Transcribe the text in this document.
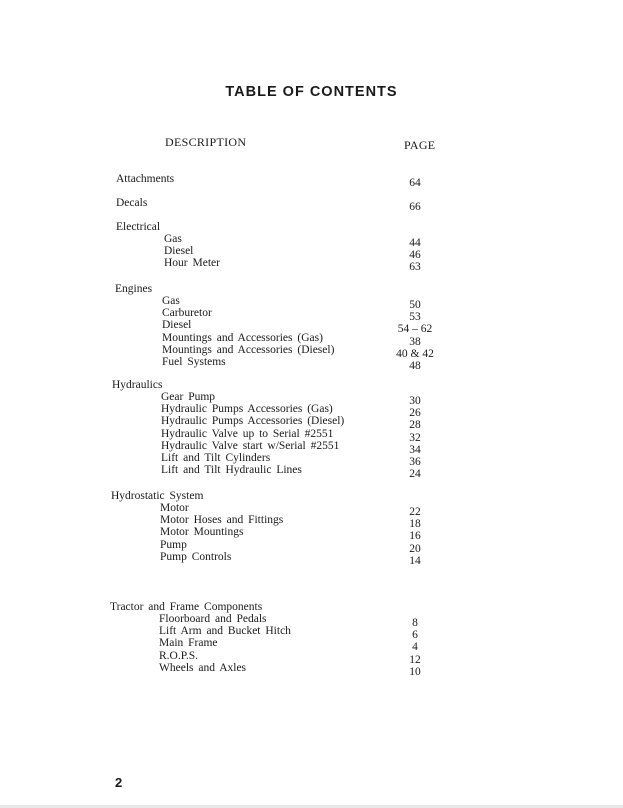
TABLE OF CONTENTS
DESCRIPTION	PAGE
Attachments	64
Decals	66
Electrical
Gas	44
Diesel	46
Hour Meter	63
Engines
Gas	50
Carburetor	53
Diesel	54 – 62
Mountings and Accessories (Gas)	38
Mountings and Accessories (Diesel)	40 & 42
Fuel Systems	48
Hydraulics
Gear Pump	30
Hydraulic Pumps Accessories (Gas)	26
Hydraulic Pumps Accessories (Diesel)	28
Hydraulic Valve up to Serial #2551	32
Hydraulic Valve start w/Serial #2551	34
Lift and Tilt Cylinders	36
Lift and Tilt Hydraulic Lines	24
Hydrostatic System
Motor	22
Motor Hoses and Fittings	18
Motor Mountings	16
Pump	20
Pump Controls	14
Tractor and Frame Components
Floorboard and Pedals	8
Lift Arm and Bucket Hitch	6
Main Frame	4
R.O.P.S.	12
Wheels and Axles	10
2
